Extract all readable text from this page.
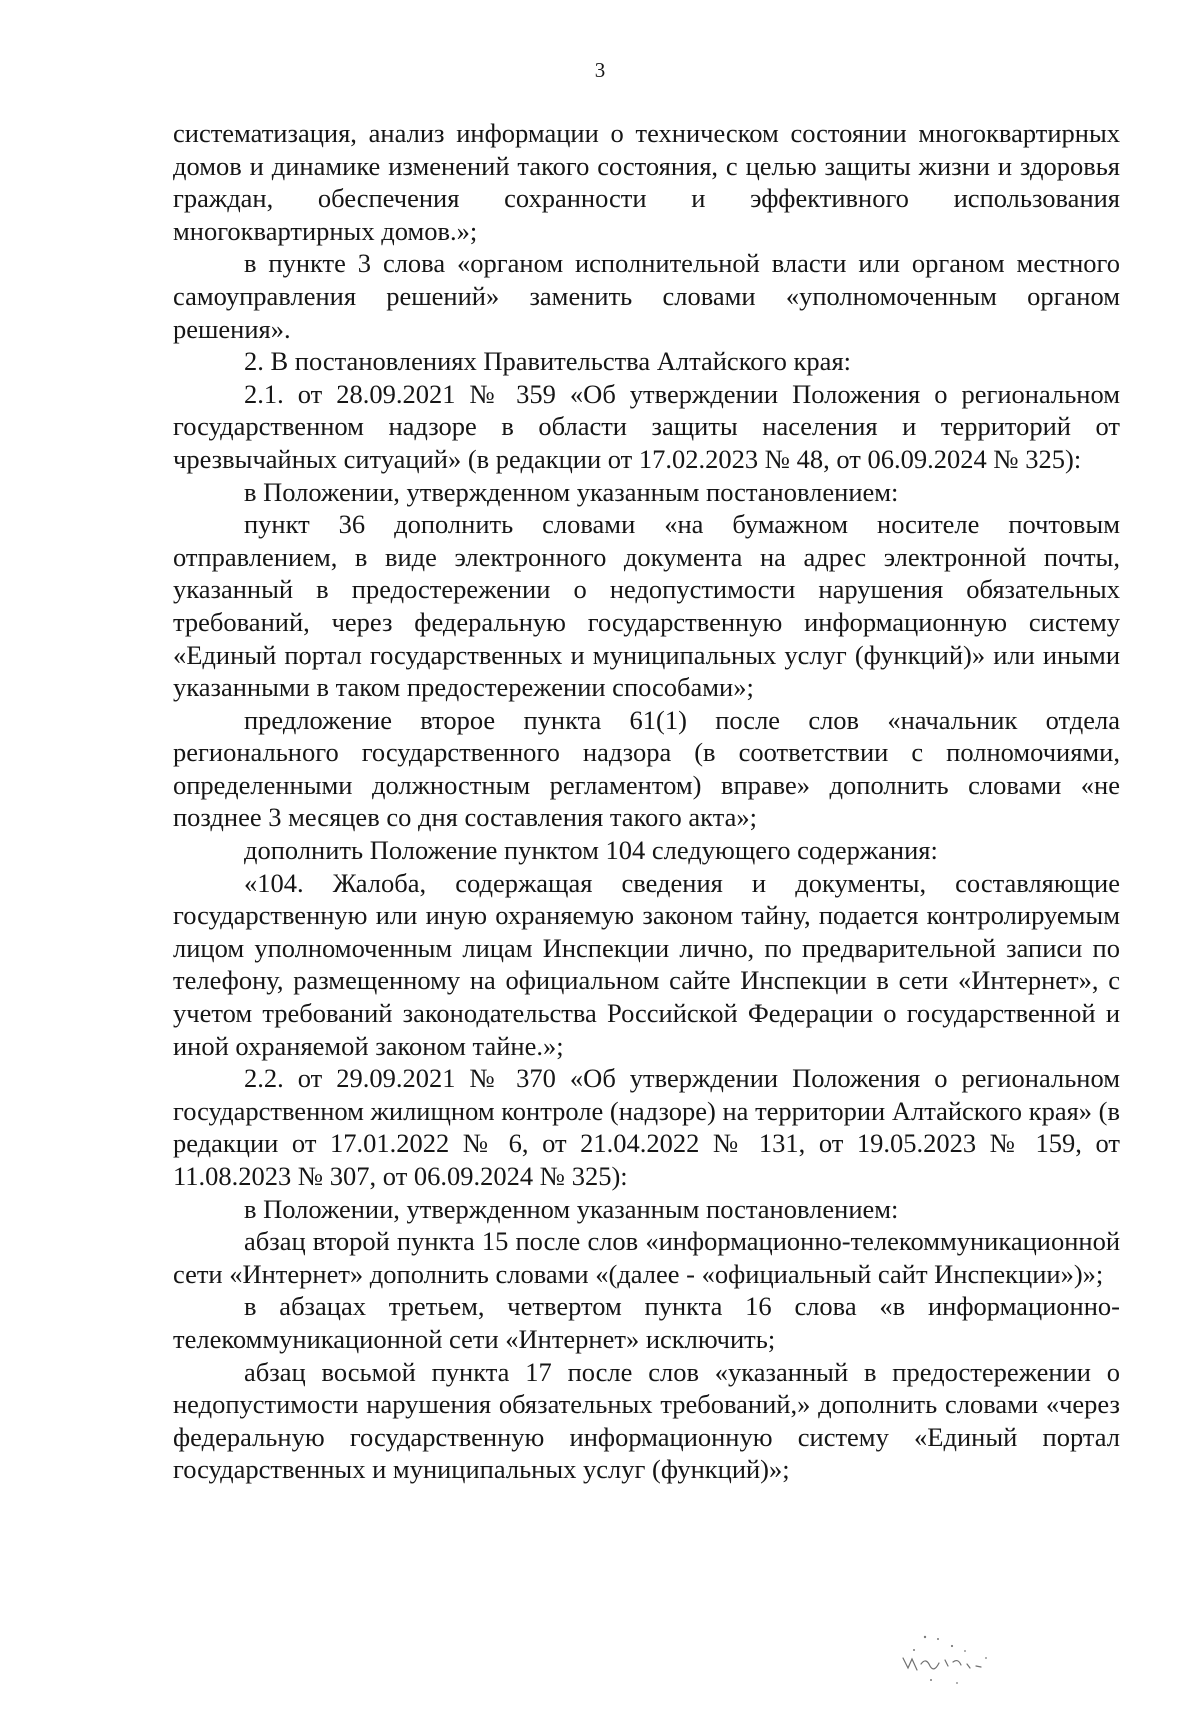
3

систематизация, анализ информации о техническом состоянии многоквартирных домов и динамике изменений такого состояния, с целью защиты жизни и здоровья граждан, обеспечения сохранности и эффективного использования многоквартирных домов.»;

в пункте 3 слова «органом исполнительной власти или органом местного самоуправления решений» заменить словами «уполномоченным органом решения».

2. В постановлениях Правительства Алтайского края:

2.1. от 28.09.2021 № 359 «Об утверждении Положения о региональном государственном надзоре в области защиты населения и территорий от чрезвычайных ситуаций» (в редакции от 17.02.2023 № 48, от 06.09.2024 № 325):

в Положении, утвержденном указанным постановлением:

пункт 36 дополнить словами «на бумажном носителе почтовым отправлением, в виде электронного документа на адрес электронной почты, указанный в предостережении о недопустимости нарушения обязательных требований, через федеральную государственную информационную систему «Единый портал государственных и муниципальных услуг (функций)» или иными указанными в таком предостережении способами»;

предложение второе пункта 61(1) после слов «начальник отдела регионального государственного надзора (в соответствии с полномочиями, определенными должностным регламентом) вправе» дополнить словами «не позднее 3 месяцев со дня составления такого акта»;

дополнить Положение пунктом 104 следующего содержания:

«104. Жалоба, содержащая сведения и документы, составляющие государственную или иную охраняемую законом тайну, подается контролируемым лицом уполномоченным лицам Инспекции лично, по предварительной записи по телефону, размещенному на официальном сайте Инспекции в сети «Интернет», с учетом требований законодательства Российской Федерации о государственной и иной охраняемой законом тайне.»;

2.2. от 29.09.2021 № 370 «Об утверждении Положения о региональном государственном жилищном контроле (надзоре) на территории Алтайского края» (в редакции от 17.01.2022 № 6, от 21.04.2022 № 131, от 19.05.2023 № 159, от 11.08.2023 № 307, от 06.09.2024 № 325):

в Положении, утвержденном указанным постановлением:

абзац второй пункта 15 после слов «информационно-телекоммуникационной сети «Интернет» дополнить словами «(далее - «официальный сайт Инспекции»)»;

в абзацах третьем, четвертом пункта 16 слова «в информационно-телекоммуникационной сети «Интернет» исключить;

абзац восьмой пункта 17 после слов «указанный в предостережении о недопустимости нарушения обязательных требований,» дополнить словами «через федеральную государственную информационную систему «Единый портал государственных и муниципальных услуг (функций)»;
